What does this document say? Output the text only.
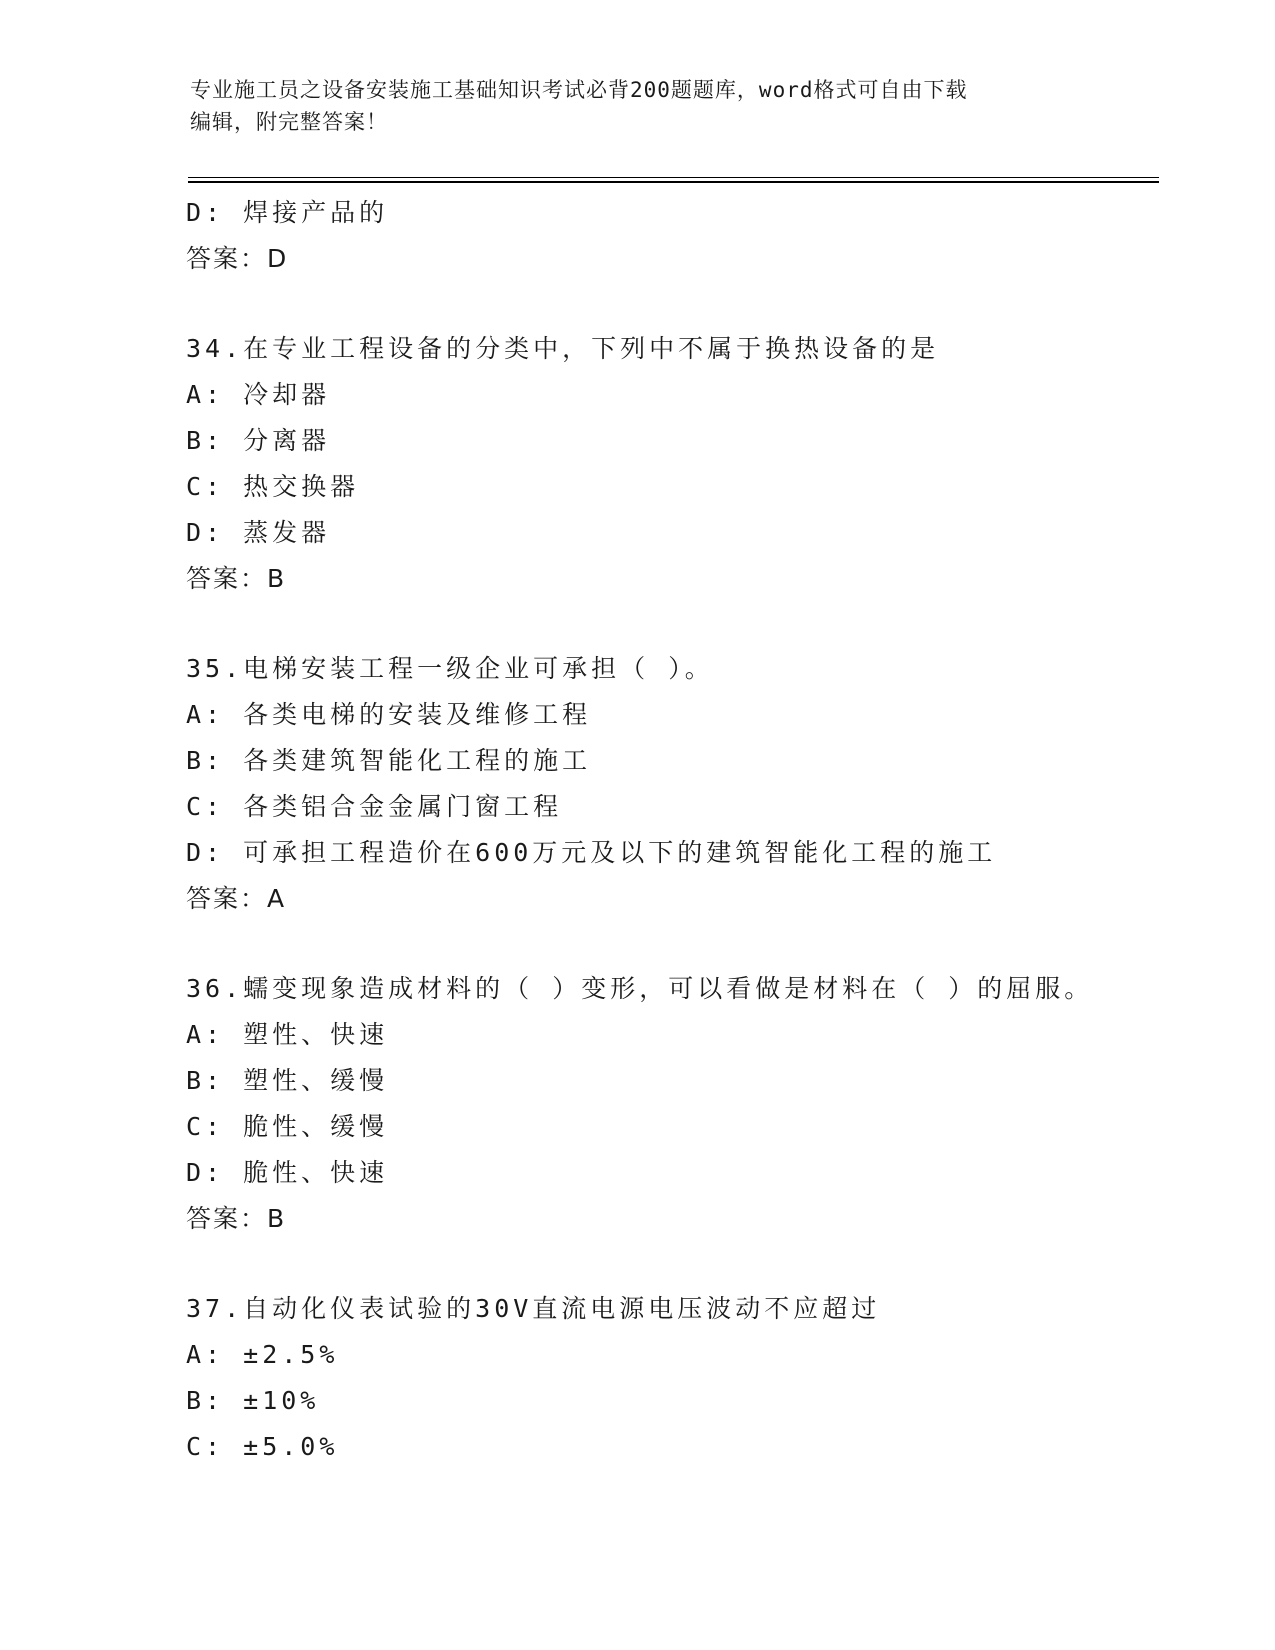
专业施工员之设备安装施工基础知识考试必背200题题库，word格式可自由下载
编辑，附完整答案！
D: 焊接产品的
答案：D
34.在专业工程设备的分类中，下列中不属于换热设备的是
A: 冷却器
B: 分离器
C: 热交换器
D: 蒸发器
答案：B
35.电梯安装工程一级企业可承担（ ）。
A: 各类电梯的安装及维修工程
B: 各类建筑智能化工程的施工
C: 各类铝合金金属门窗工程
D: 可承担工程造价在600万元及以下的建筑智能化工程的施工
答案：A
36.蠕变现象造成材料的（ ）变形，可以看做是材料在（ ）的屈服。
A: 塑性、快速
B: 塑性、缓慢
C: 脆性、缓慢
D: 脆性、快速
答案：B
37.自动化仪表试验的30V直流电源电压波动不应超过
A: ±2.5%
B: ±10%
C: ±5.0%
